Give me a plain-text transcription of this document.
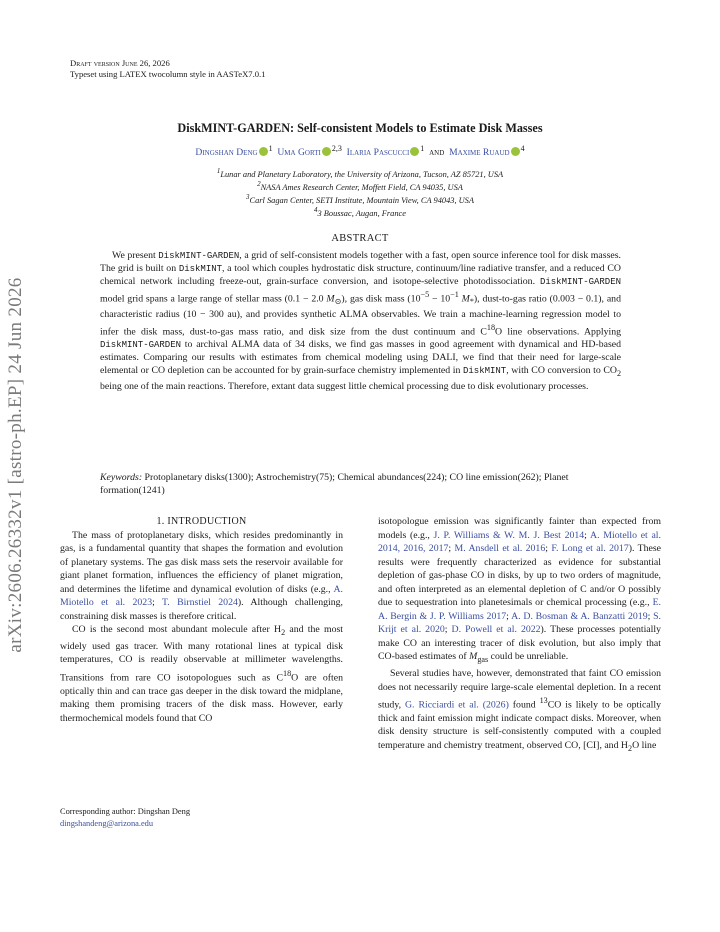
Draft version June 26, 2026
Typeset using LATEX twocolumn style in AASTeX7.0.1
arXiv:2606.26332v1 [astro-ph.EP] 24 Jun 2026
DiskMINT-GARDEN: Self-consistent Models to Estimate Disk Masses
Dingshan Deng $^1$ Uma Gorti $^{2,3}$ Ilaria Pascucci $^1$ and Maxime Ruaud $^4$
$^1$Lunar and Planetary Laboratory, the University of Arizona, Tucson, AZ 85721, USA
$^2$NASA Ames Research Center, Moffett Field, CA 94035, USA
$^3$Carl Sagan Center, SETI Institute, Mountain View, CA 94043, USA
$^4$3 Boussac, Augan, France
ABSTRACT
We present DiskMINT-GARDEN, a grid of self-consistent models together with a fast, open source inference tool for disk masses. The grid is built on DiskMINT, a tool which couples hydrostatic disk structure, continuum/line radiative transfer, and a reduced CO chemical network including freeze-out, grain-surface conversion, and isotope-selective photodissociation. DiskMINT-GARDEN model grid spans a large range of stellar mass (0.1 − 2.0 $M_⊙$), gas disk mass ($10^{-5} - 10^{-1}$ $M_*$), dust-to-gas ratio (0.003 − 0.1), and characteristic radius (10 − 300 au), and provides synthetic ALMA observables. We train a machine-learning regression model to infer the disk mass, dust-to-gas mass ratio, and disk size from the dust continuum and $C^{18}O$ line observations. Applying DiskMINT-GARDEN to archival ALMA data of 34 disks, we find gas masses in good agreement with dynamical and HD-based estimates. Comparing our results with estimates from chemical modeling using DALI, we find that their need for large-scale elemental or CO depletion can be accounted for by grain-surface chemistry implemented in DiskMINT, with CO conversion to $CO_2$ being one of the main reactions. Therefore, extant data suggest little chemical processing due to disk evolutionary processes.
Keywords: Protoplanetary disks(1300); Astrochemistry(75); Chemical abundances(224); CO line emission(262); Planet formation(1241)

1. INTRODUCTION

The mass of protoplanetary disks, which resides predominantly in gas, is a fundamental quantity that shapes the formation and evolution of planetary systems. The gas disk mass sets the reservoir available for giant planet formation, influences the efficiency of planet migration, and determines the lifetime and dynamical evolution of disks (e.g., A. Miotello et al. 2023; T. Birnstiel 2024). Although challenging, constraining disk masses is therefore critical.

CO is the second most abundant molecule after $H_2$ and the most widely used gas tracer. With many rotational lines at typical disk temperatures, CO is readily observable at millimeter wavelengths. Transitions from rare CO isotopologues such as $C^{18}O$ are often optically thin and can trace gas deeper in the disk toward the midplane, making them promising tracers of the disk mass. However, early thermochemical models found that CO

isotopologue emission was significantly fainter than expected from models (e.g., J. P. Williams & W. M. J. Best 2014; A. Miotello et al. 2014, 2016, 2017; M. Ansdell et al. 2016; F. Long et al. 2017). These results were frequently characterized as evidence for substantial depletion of gas-phase CO in disks, by up to two orders of magnitude, and often interpreted as an elemental depletion of C and/or O possibly due to sequestration into planetesimals or chemical processing (e.g., E. A. Bergin & J. P. Williams 2017; A. D. Bosman & A. Banzatti 2019; S. Krijt et al. 2020; D. Powell et al. 2022). These processes potentially make CO an interesting tracer of disk evolution, but also imply that CO-based estimates of $M_{gas}$ could be unreliable.

Several studies have, however, demonstrated that faint CO emission does not necessarily require large-scale elemental depletion. In a recent study, G. Ricciardi et al. (2026) found $^{13}$CO is likely to be optically thick and faint emission might indicate compact disks. Moreover, when disk density structure is self-consistently computed with a coupled temperature and chemistry treatment, observed CO, [CI], and $H_2O$ line

Corresponding author: Dingshan Deng
dingshandeng@arizona.edu
